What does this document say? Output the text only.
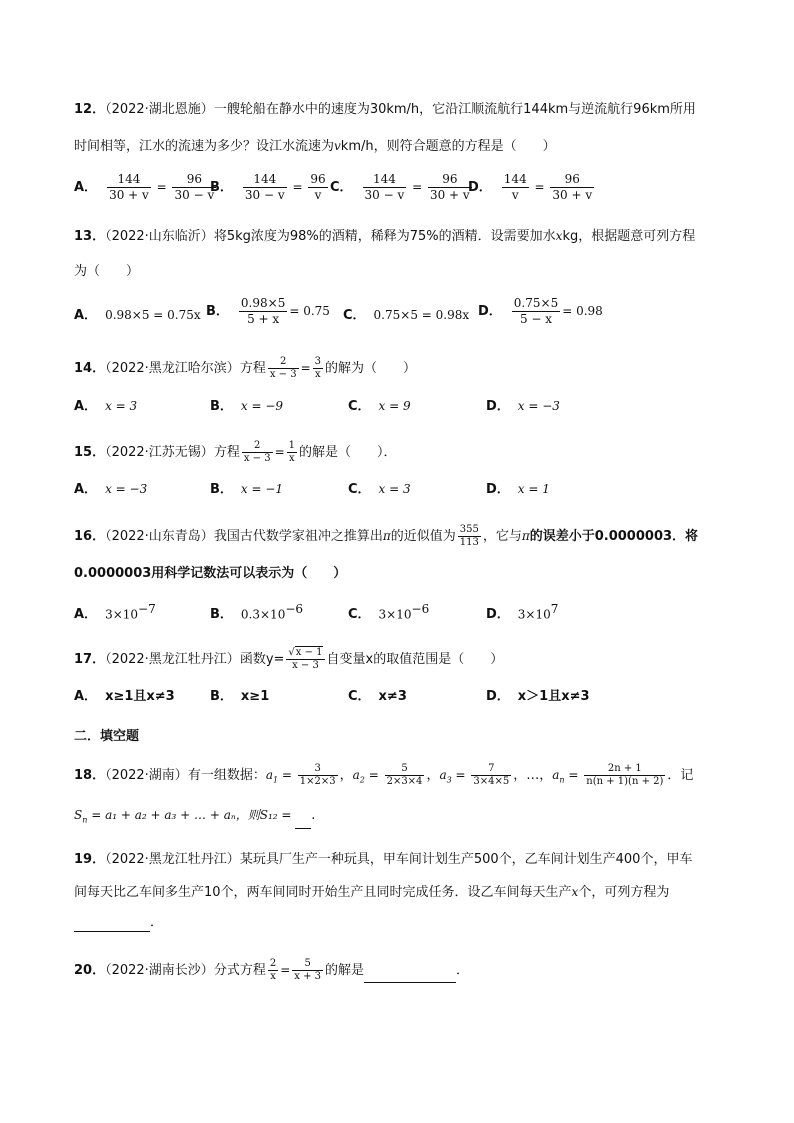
12．（2022·湖北恩施）一艘轮船在静水中的速度为30km/h，它沿江顺流航行144km与逆流航行96km所用
时间相等，江水的流速为多少？设江水流速为vkm/h，则符合题意的方程是（　　）
A． $\frac{144}{30 + v} = \frac{96}{30 - v}$
B． $\frac{144}{30 - v} = \frac{96}{v}$ C． $\frac{144}{30 - v} = \frac{96}{30 + v}$
D． $\frac{144}{v} = \frac{96}{30 + v}$
13．（2022·山东临沂）将5kg浓度为98%的酒精，稀释为75%的酒精．设需要加水xkg，根据题意可列方程
为（　　）
A． 0.98×5 = 0.75x B． $\frac{0.98\times 5}{5 + x} = 0.75$ C． 0.75×5 = 0.98x D． $\frac{0.75\times 5}{5 - x} = 0.98$
14．（2022·黑龙江哈尔滨）方程 $\frac{2}{x - 3} = \frac{3}{x}$ 的解为（　　）
A． x = 3	B． x = −9	C． x = 9	D． x = −3
15．（2022·江苏无锡）方程 $\frac{2}{x - 3} = \frac{1}{x}$ 的解是（　　）．
A． x = −3	B． x = −1	C． x = 3	D． x = 1
16．（2022·山东青岛）我国古代数学家祖冲之推算出π的近似值为 $\frac{355}{113}$ ，它与π的误差小于0.0000003．将
0.0000003用科学记数法可以表示为（　　）
A． $3\times 10^{-7}$	B． $0.3\times 10^{-6}$	C． $3\times 10^{-6}$	D． $3\times 10^7$
17．（2022·黑龙江牡丹江）函数$y= \frac{√x - 1}{x - 3}$ 自变量x的取值范围是（　　）
A． x≥1且x≠3	B． x≥1	C． x≠3	D． x＞1且x≠3
二．填空题
18．（2022·湖南）有一组数据：$a_1 = \frac{3}{1\times 2\times 3}$ ，$a_2 = \frac{5}{2\times 3\times 4}$ ，$a_3 = \frac{7}{3\times 4\times 5}$ ，…，$a_n = \frac{2n + 1}{n(n + 1)(n + 2)}$ ．记
$S_n = a_1 + a_2 + a_3$ + … + aₙ，则S₁₂ = .
19．（2022·黑龙江牡丹江）某玩具厂生产一种玩具，甲车间计划生产500个，乙车间计划生产400个，甲车
间每天比乙车间多生产10个，两车间同时开始生产且同时完成任务．设乙车间每天生产x个，可列方程为
．
20．（2022·湖南长沙）分式方程 $\frac{2}{x} = \frac{5}{x + 3}$ 的解是	．
